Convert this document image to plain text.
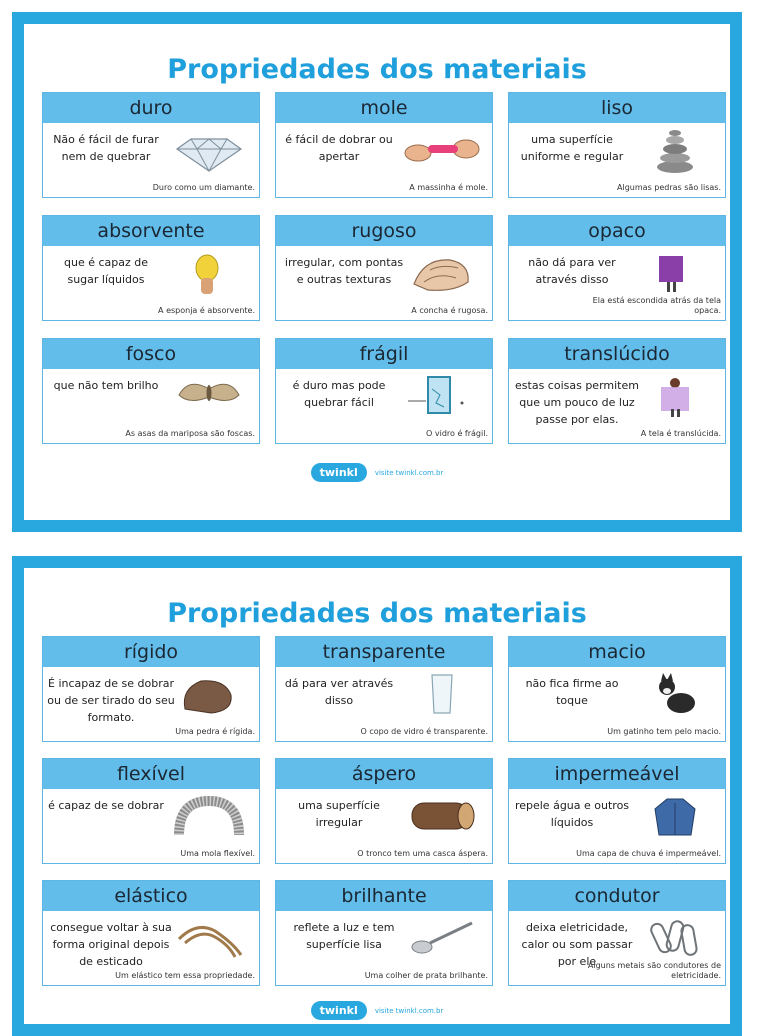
Propriedades dos materiais
duro
Não é fácil de furar nem de quebrar
Duro como um diamante.
mole
é fácil de dobrar ou apertar
A massinha é mole.
liso
uma superfície uniforme e regular
Algumas pedras são lisas.
absorvente
que é capaz de sugar líquidos
A esponja é absorvente.
rugoso
irregular, com pontas e outras texturas
A concha é rugosa.
opaco
não dá para ver através disso
Ela está escondida atrás da tela opaca.
fosco
que não tem brilho
As asas da mariposa são foscas.
frágil
é duro mas pode quebrar fácil
O vidro é frágil.
translúcido
estas coisas permitem que um pouco de luz passe por elas.
A tela é translúcida.
twinkl visite twinkl.com.br
Propriedades dos materiais
rígido
É incapaz de se dobrar ou de ser tirado do seu formato.
Uma pedra é rígida.
transparente
dá para ver através disso
O copo de vidro é transparente.
macio
não fica firme ao toque
Um gatinho tem pelo macio.
flexível
é capaz de se dobrar
Uma mola flexível.
áspero
uma superfície irregular
O tronco tem uma casca áspera.
impermeável
repele água e outros líquidos
Uma capa de chuva é impermeável.
elástico
consegue voltar à sua forma original depois de esticado
Um elástico tem essa propriedade.
brilhante
reflete a luz e tem superfície lisa
Uma colher de prata brilhante.
condutor
deixa eletricidade, calor ou som passar por ele
Alguns metais são condutores de eletricidade.
twinkl visite twinkl.com.br
